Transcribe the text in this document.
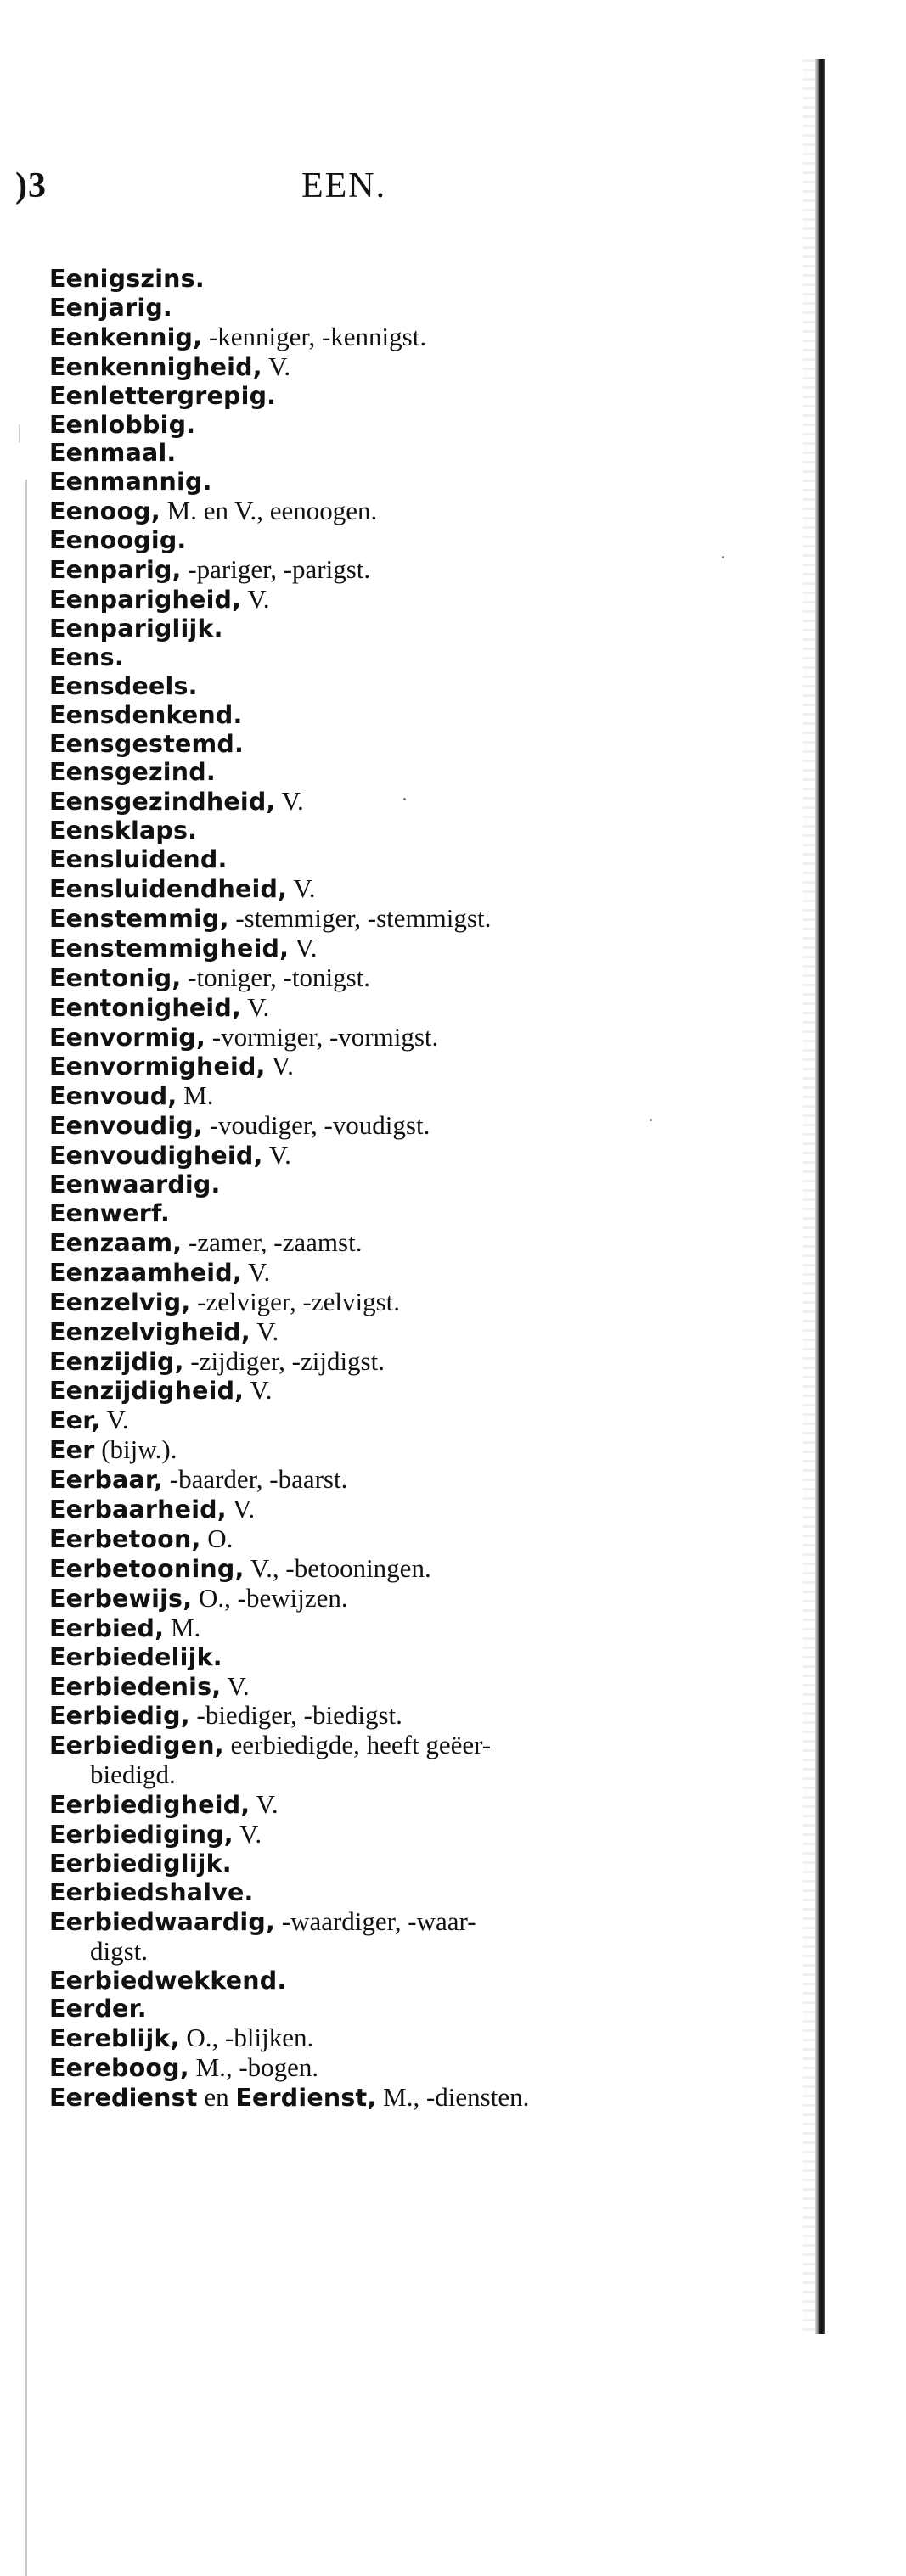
)3	EEN.
Eenigszins.
Eenjarig.
Eenkennig, -kenniger, -kennigst.
Eenkennigheid, V.
Eenlettergrepig.
Eenlobbig.
Eenmaal.
Eenmannig.
Eenoog, M. en V., eenoogen.
Eenoogig.
Eenparig, -pariger, -parigst.
Eenparigheid, V.
Eenpariglijk.
Eens.
Eensdeels.
Eensdenkend.
Eensgestemd.
Eensgezind.
Eensgezindheid, V.
Eensklaps.
Eensluidend.
Eensluidendheid, V.
Eenstemmig, -stemmiger, -stemmigst.
Eenstemmigheid, V.
Eentonig, -toniger, -tonigst.
Eentonigheid, V.
Eenvormig, -vormiger, -vormigst.
Eenvormigheid, V.
Eenvoud, M.
Eenvoudig, -voudiger, -voudigst.
Eenvoudigheid, V.
Eenwaardig.
Eenwerf.
Eenzaam, -zamer, -zaamst.
Eenzaamheid, V.
Eenzelvig, -zelviger, -zelvigst.
Eenzelvigheid, V.
Eenzijdig, -zijdiger, -zijdigst.
Eenzijdigheid, V.
Eer, V.
Eer (bijw.).
Eerbaar, -baarder, -baarst.
Eerbaarheid, V.
Eerbetoon, O.
Eerbetooning, V., -betooningen.
Eerbewijs, O., -bewijzen.
Eerbied, M.
Eerbiedelijk.
Eerbiedenis, V.
Eerbiedig, -biediger, -biedigst.
Eerbiedigen, eerbiedigde, heeft geëer-
biedigd.
Eerbiedigheid, V.
Eerbiediging, V.
Eerbiediglijk.
Eerbiedshalve.
Eerbiedwaardig, -waardiger, -waar-
digst.
Eerbiedwekkend.
Eerder.
Eereblijk, O., -blijken.
Eereboog, M., -bogen.
Eeredienst en Eerdienst, M., -diensten.
